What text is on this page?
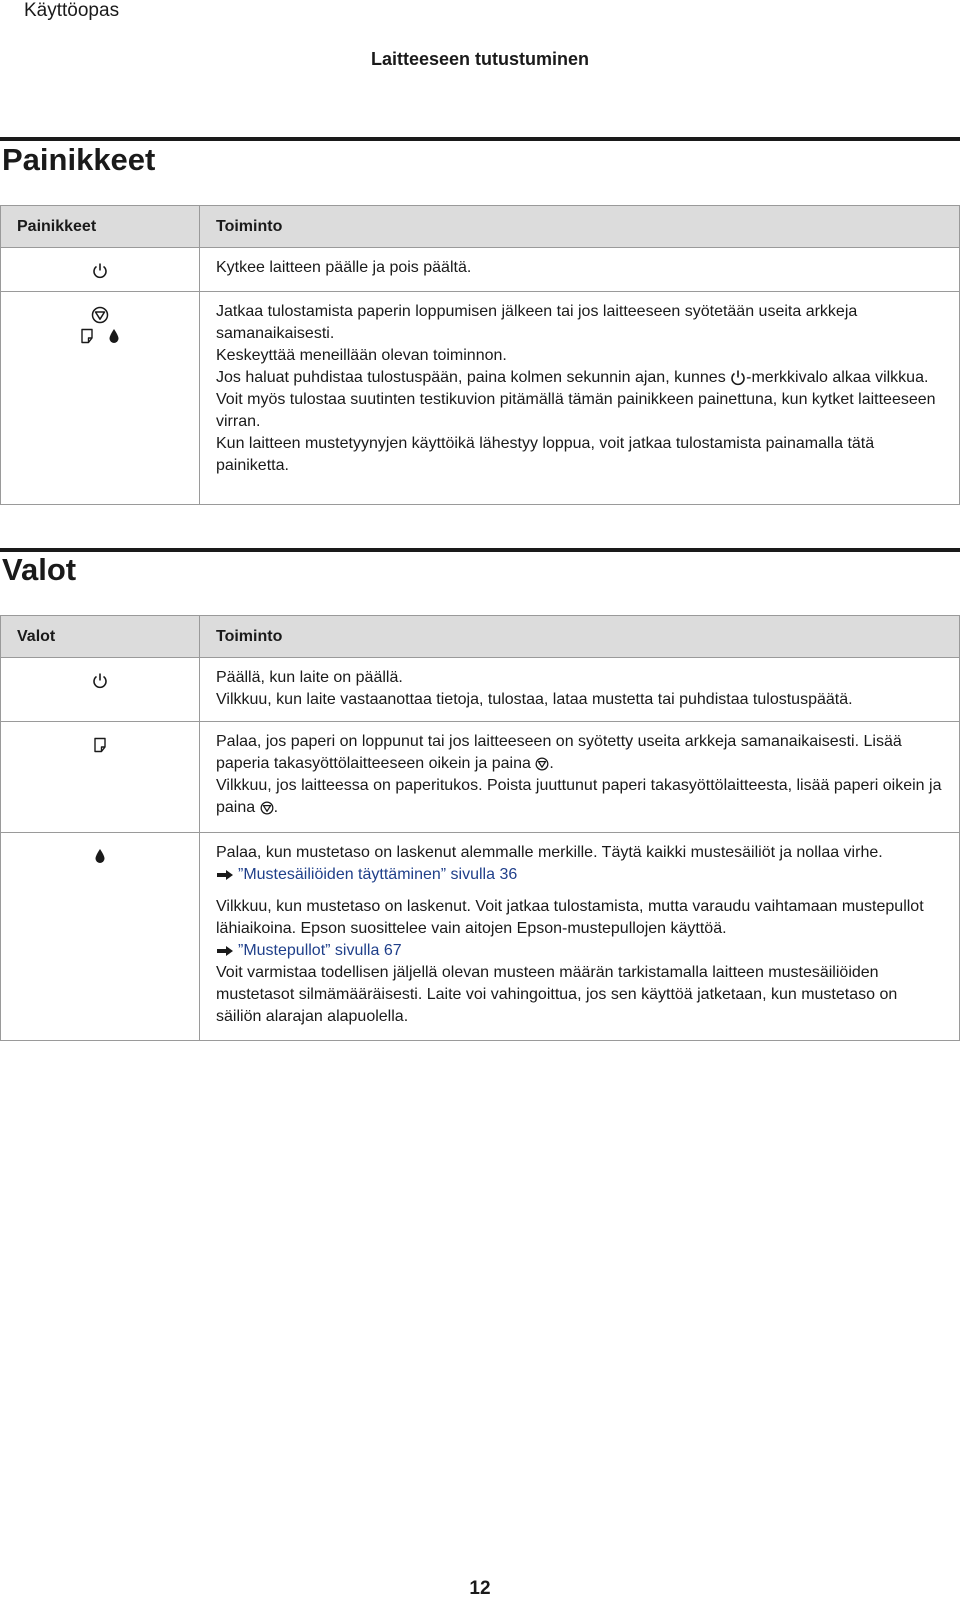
Käyttöopas
Laitteeseen tutustuminen
Painikkeet
Painikkeet	Toiminto

Kytkee laitteen päälle ja pois päältä.

Jatkaa tulostamista paperin loppumisen jälkeen tai jos laitteeseen syötetään useita arkkeja samanaikaisesti.
Keskeyttää meneillään olevan toiminnon.
Jos haluat puhdistaa tulostuspään, paina kolmen sekunnin ajan, kunnes -merkkivalo alkaa vilkkua.
Voit myös tulostaa suutinten testikuvion pitämällä tämän painikkeen painettuna, kun kytket laitteeseen virran.
Kun laitteen mustetyynyjen käyttöikä lähestyy loppua, voit jatkaa tulostamista painamalla tätä painiketta.
Valot
Valot	Toiminto

Päällä, kun laite on päällä.
Vilkkuu, kun laite vastaanottaa tietoja, tulostaa, lataa mustetta tai puhdistaa tulostuspäätä.

Palaa, jos paperi on loppunut tai jos laitteeseen on syötetty useita arkkeja samanaikaisesti. Lisää paperia takasyöttölaitteeseen oikein ja paina .
Vilkkuu, jos laitteessa on paperitukos. Poista juuttunut paperi takasyöttölaitteesta, lisää paperi oikein ja paina .

Palaa, kun mustetaso on laskenut alemmalle merkille. Täytä kaikki mustesäiliöt ja nollaa virhe.
”Mustesäiliöiden täyttäminen” sivulla 36
Vilkkuu, kun mustetaso on laskenut. Voit jatkaa tulostamista, mutta varaudu vaihtamaan mustepullot lähiaikoina. Epson suosittelee vain aitojen Epson-mustepullojen käyttöä.
”Mustepullot” sivulla 67
Voit varmistaa todellisen jäljellä olevan musteen määrän tarkistamalla laitteen mustesäiliöiden mustetasot silmämääräisesti. Laite voi vahingoittua, jos sen käyttöä jatketaan, kun mustetaso on säiliön alarajan alapuolella.
12
